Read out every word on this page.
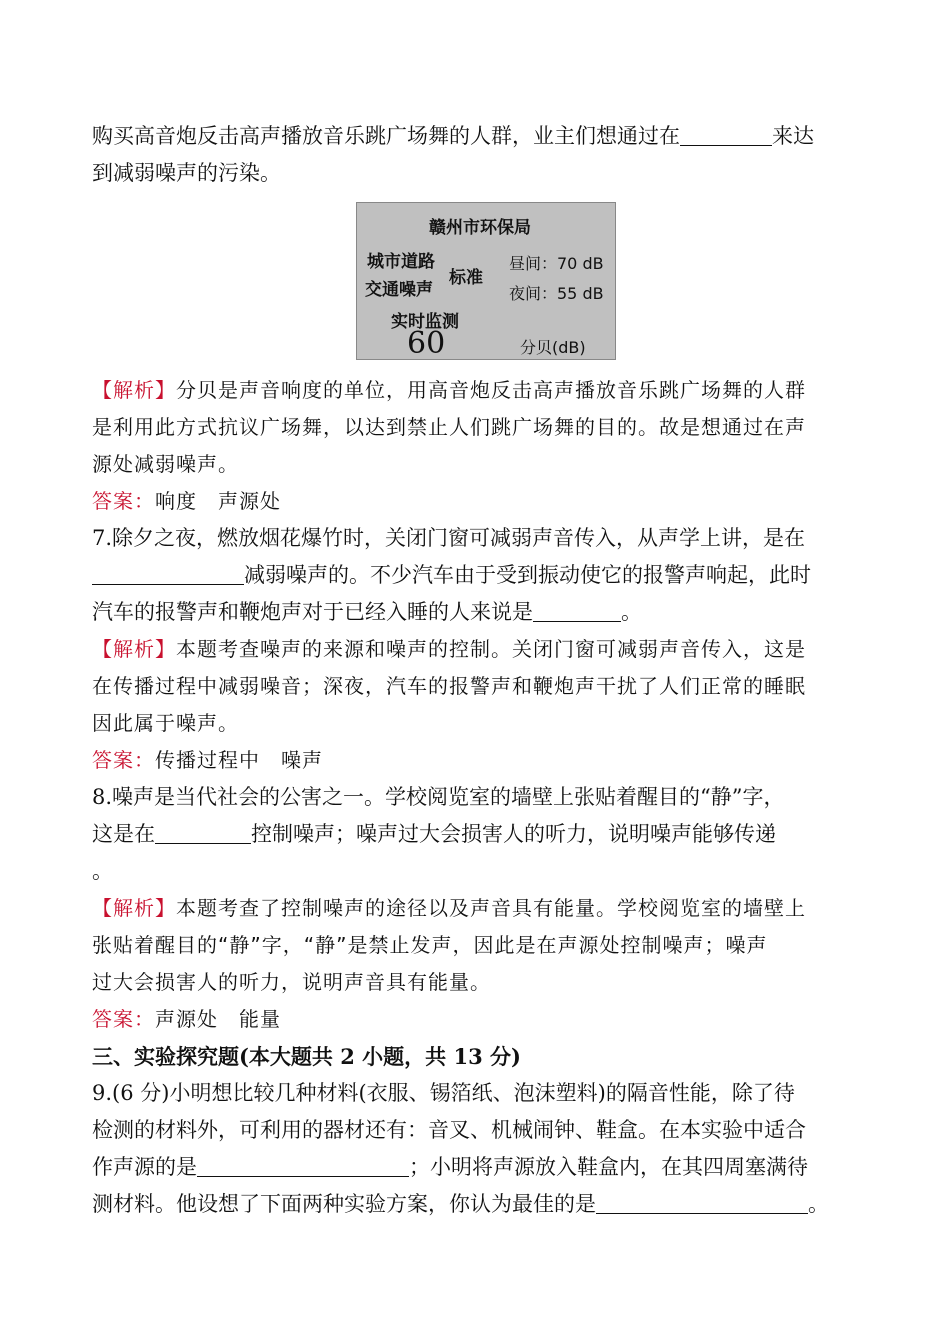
购买高音炮反击高声播放音乐跳广场舞的人群，业主们想通过在	来达
到减弱噪声的污染。
赣州市环保局
城市道路
交通噪声
标准
昼间：70 dB
夜间：55 dB
实时监测
60	分贝(dB)
【解析】分贝是声音响度的单位，用高音炮反击高声播放音乐跳广场舞的人群
是利用此方式抗议广场舞，以达到禁止人们跳广场舞的目的。故是想通过在声
源处减弱噪声。
答案：响度　声源处
7.除夕之夜，燃放烟花爆竹时，关闭门窗可减弱声音传入，从声学上讲，是在
减弱噪声的。不少汽车由于受到振动使它的报警声响起，此时
汽车的报警声和鞭炮声对于已经入睡的人来说是	。
【解析】本题考查噪声的来源和噪声的控制。关闭门窗可减弱声音传入，这是
在传播过程中减弱噪音；深夜，汽车的报警声和鞭炮声干扰了人们正常的睡眠
因此属于噪声。
答案：传播过程中　噪声
8.噪声是当代社会的公害之一。学校阅览室的墙壁上张贴着醒目的“静”字，
这是在	控制噪声；噪声过大会损害人的听力，说明噪声能够传递
。
【解析】本题考查了控制噪声的途径以及声音具有能量。学校阅览室的墙壁上
张贴着醒目的“静”字，“静”是禁止发声，因此是在声源处控制噪声；噪声
过大会损害人的听力，说明声音具有能量。
答案：声源处　能量
三、实验探究题(本大题共 2 小题，共 13 分)
9.(6 分)小明想比较几种材料(衣服、锡箔纸、泡沫塑料)的隔音性能，除了待
检测的材料外，可利用的器材还有：音叉、机械闹钟、鞋盒。在本实验中适合
作声源的是	；小明将声源放入鞋盒内，在其四周塞满待
测材料。他设想了下面两种实验方案，你认为最佳的是	。
